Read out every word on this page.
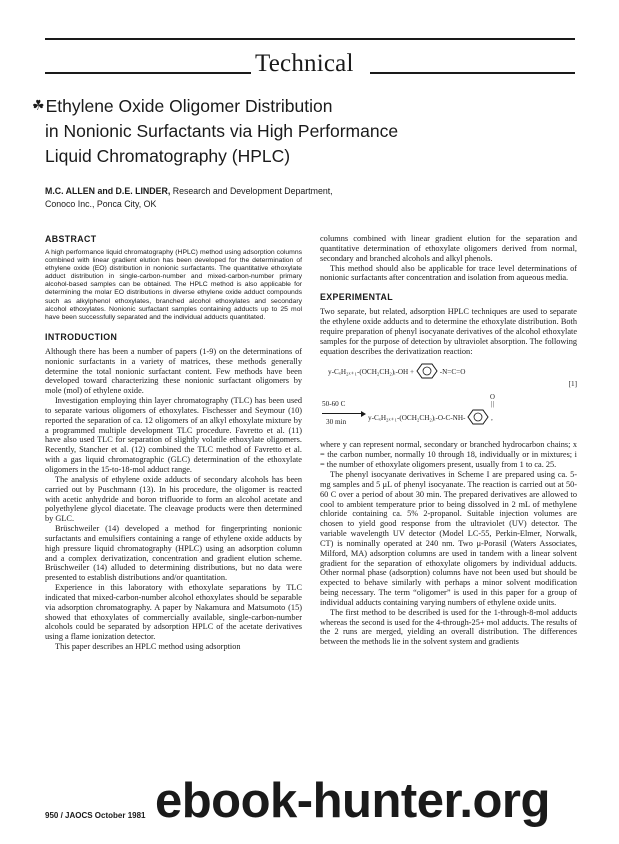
Technical
☘Ethylene Oxide Oligomer Distribution
in Nonionic Surfactants via High Performance
Liquid Chromatography (HPLC)
M.C. ALLEN and D.E. LINDER, Research and Development Department,
Conoco Inc., Ponca City, OK
ABSTRACT

A high performance liquid chromatography (HPLC) method using adsorption columns combined with linear gradient elution has been developed for the determination of ethylene oxide (EO) distribution in nonionic surfactants. The quantitative ethoxylate adduct distribution in single-carbon-number and mixed-carbon-number primary alcohol-based samples can be obtained. The HPLC method is also applicable for determining the molar EO distributions in diverse ethylene oxide adduct compounds such as alkylphenol ethoxylates, branched alcohol ethoxylates and secondary alcohol ethoxylates. Nonionic surfactant samples containing adducts up to 25 mol have been successfully separated and the individual adducts quantitated.

INTRODUCTION

Although there has been a number of papers (1-9) on the determinations of nonionic surfactants in a variety of matrices, these methods generally determine the total nonionic surfactant content. Few methods have been developed toward characterizing these nonionic surfactant oligomers by mole (mol) of ethylene oxide.

Investigation employing thin layer chromatography (TLC) has been used to separate various oligomers of ethoxylates. Fischesser and Seymour (10) reported the separation of ca. 12 oligomers of an alkyl ethoxylate mixture by a programmed multiple development TLC procedure. Favretto et al. (11) have also used TLC for separation of slightly volatile ethoxylate oligomers. Recently, Stancher et al. (12) combined the TLC method of Favretto et al. with a gas liquid chromatographic (GLC) determination of the ethoxylate oligomers in the 15-to-18-mol adduct range.

The analysis of ethylene oxide adducts of secondary alcohols has been carried out by Puschmann (13). In his procedure, the oligomer is reacted with acetic anhydride and boron trifluoride to form an alcohol acetate and polyethylene glycol diacetate. The cleavage products were then determined by GLC.

Brüschweiler (14) developed a method for fingerprinting nonionic surfactants and emulsifiers containing a range of ethylene oxide adducts by high pressure liquid chromatography (HPLC) using an adsorption column and a complex derivatization, concentration and gradient elution scheme. Brüschweiler (14) alluded to determining distributions, but no data were presented to establish distributions and/or quantitation.

Experience in this laboratory with ethoxylate separations by TLC indicated that mixed-carbon-number alcohol ethoxylates should be separable via adsorption chromatography. A paper by Nakamura and Matsumoto (15) showed that ethoxylates of commercially available, single-carbon-number alcohols could be separated by adsorption HPLC of the acetate derivatives using a flame ionization detector.

This paper describes an HPLC method using adsorption

columns combined with linear gradient elution for the separation and quantitative determination of ethoxylate oligomers derived from normal, secondary and branched alcohols and alkyl phenols.

This method should also be applicable for trace level determinations of nonionic surfactants after concentration and isolation from aqueous media.

EXPERIMENTAL

Two separate, but related, adsorption HPLC techniques are used to separate the ethylene oxide adducts and to determine the ethoxylate distribution. Both require preparation of phenyl isocyanate derivatives of the alcohol ethoxylate samples for the purpose of detection by ultraviolet absorption. The following equation describes the derivatization reaction:

y-CₓH₂ₓ₊₁-(OCH₂CH₂)ᵢ-OH +	-N=C=O
[1]
50-60 C
30 min
O
||
y-CₓH₂ₓ₊₁-(OCH₂CH₂)ᵢ-O-C-NH-	,

where y can represent normal, secondary or branched hydrocarbon chains; x = the carbon number, normally 10 through 18, individually or in mixtures; i = the number of ethoxylate oligomers present, usually from 1 to ca. 25.

The phenyl isocyanate derivatives in Scheme I are prepared using ca. 5-mg samples and 5 μL of phenyl isocyanate. The reaction is carried out at 50-60 C over a period of about 30 min. The prepared derivatives are allowed to cool to ambient temperature prior to being dissolved in 2 mL of methylene chloride containing ca. 5% 2-propanol. Suitable injection volumes are chosen to yield good response from the ultraviolet (UV) detector. The variable wavelength UV detector (Model LC-55, Perkin-Elmer, Norwalk, CT) is nominally operated at 240 nm. Two μ-Porasil (Waters Associates, Milford, MA) adsorption columns are used in tandem with a linear solvent gradient for the separation of ethoxylate oligomers by individual adducts. Other normal phase (adsorption) columns have not been used but should be expected to behave similarly with perhaps a minor solvent modification being necessary. The term “oligomer” is used in this paper for a group of individual adducts containing varying numbers of ethylene oxide units.

The first method to be described is used for the 1-through-8-mol adducts whereas the second is used for the 4-through-25+ mol adducts. The results of the 2 runs are merged, yielding an overall distribution. The differences between the methods lie in the solvent system and gradients

950 / JAOCS October 1981 ebook-hunter.org
